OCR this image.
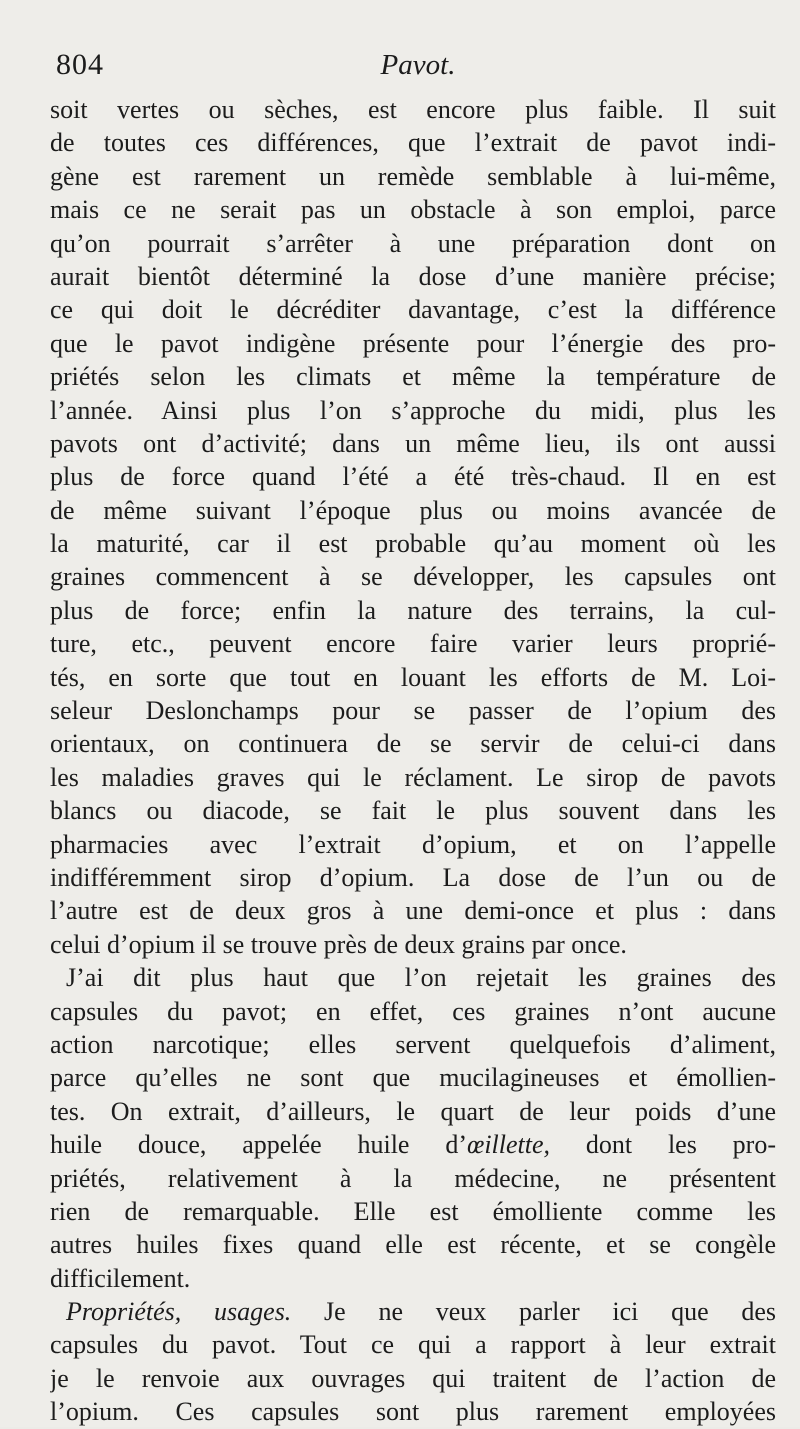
804	Pavot.
soit vertes ou sèches, est encore plus faible. Il suit
de toutes ces différences, que l’extrait de pavot indi-
gène est rarement un remède semblable à lui-même,
mais ce ne serait pas un obstacle à son emploi, parce
qu’on pourrait s’arrêter à une préparation dont on
aurait bientôt déterminé la dose d’une manière précise;
ce qui doit le décréditer davantage, c’est la différence
que le pavot indigène présente pour l’énergie des pro-
priétés selon les climats et même la température de
l’année. Ainsi plus l’on s’approche du midi, plus les
pavots ont d’activité; dans un même lieu, ils ont aussi
plus de force quand l’été a été très-chaud. Il en est
de même suivant l’époque plus ou moins avancée de
la maturité, car il est probable qu’au moment où les
graines commencent à se développer, les capsules ont
plus de force; enfin la nature des terrains, la cul-
ture, etc., peuvent encore faire varier leurs proprié-
tés, en sorte que tout en louant les efforts de M. Loi-
seleur Deslonchamps pour se passer de l’opium des
orientaux, on continuera de se servir de celui-ci dans
les maladies graves qui le réclament. Le sirop de pavots
blancs ou diacode, se fait le plus souvent dans les
pharmacies avec l’extrait d’opium, et on l’appelle
indifféremment sirop d’opium. La dose de l’un ou de
l’autre est de deux gros à une demi-once et plus : dans
celui d’opium il se trouve près de deux grains par once.
J’ai dit plus haut que l’on rejetait les graines des
capsules du pavot; en effet, ces graines n’ont aucune
action narcotique; elles servent quelquefois d’aliment,
parce qu’elles ne sont que mucilagineuses et émollien-
tes. On extrait, d’ailleurs, le quart de leur poids d’une
huile douce, appelée huile d’œillette, dont les pro-
priétés, relativement à la médecine, ne présentent
rien de remarquable. Elle est émolliente comme les
autres huiles fixes quand elle est récente, et se congèle
difficilement.
Propriétés, usages. Je ne veux parler ici que des
capsules du pavot. Tout ce qui a rapport à leur extrait
je le renvoie aux ouvrages qui traitent de l’action de
l’opium. Ces capsules sont plus rarement employées
